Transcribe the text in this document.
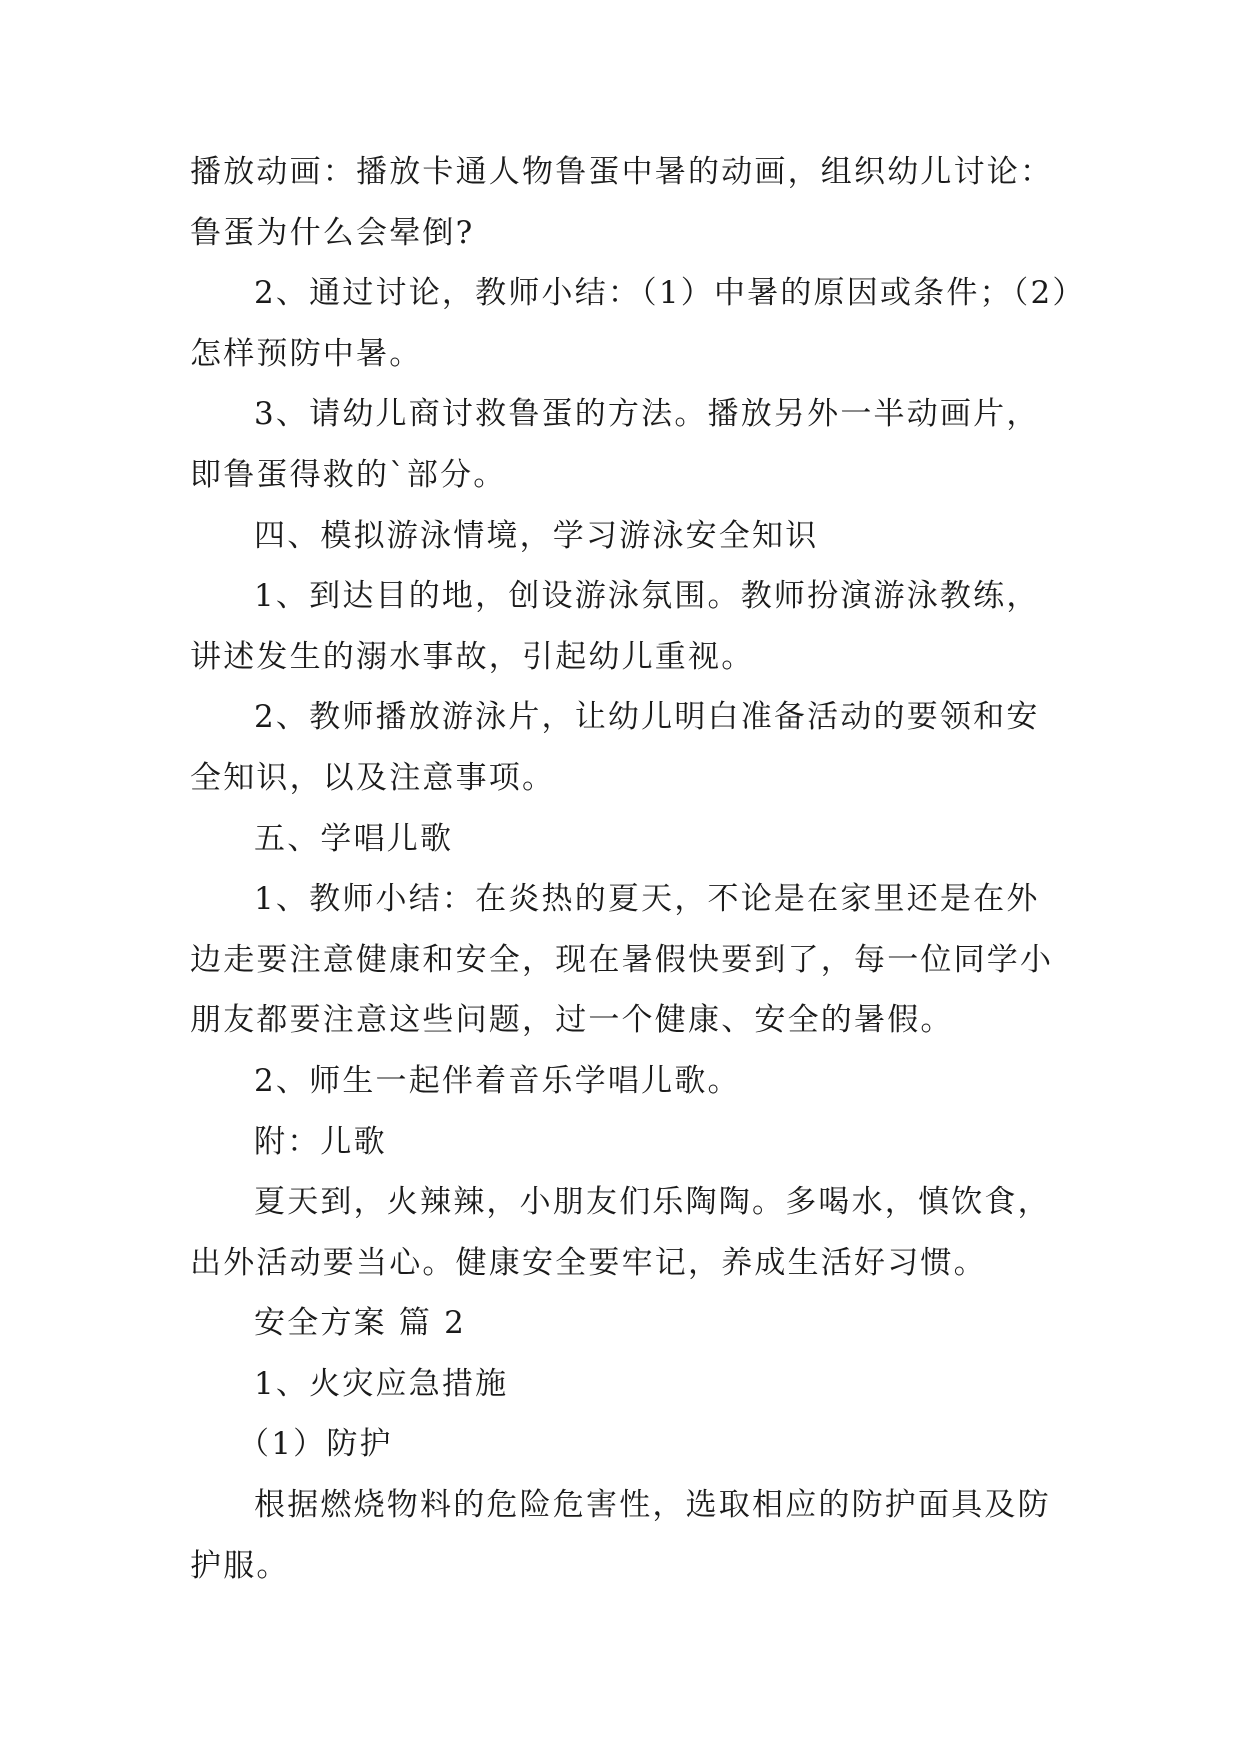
播放动画：播放卡通人物鲁蛋中暑的动画，组织幼儿讨论：
鲁蛋为什么会晕倒?
2、通过讨论，教师小结：（1）中暑的原因或条件；（2）
怎样预防中暑。
3、请幼儿商讨救鲁蛋的方法。播放另外一半动画片，
即鲁蛋得救的`部分。
四、模拟游泳情境，学习游泳安全知识
1、到达目的地，创设游泳氛围。教师扮演游泳教练，
讲述发生的溺水事故，引起幼儿重视。
2、教师播放游泳片，让幼儿明白准备活动的要领和安
全知识，以及注意事项。
五、学唱儿歌
1、教师小结：在炎热的夏天，不论是在家里还是在外
边走要注意健康和安全，现在暑假快要到了，每一位同学小
朋友都要注意这些问题，过一个健康、安全的暑假。
2、师生一起伴着音乐学唱儿歌。
附：儿歌
夏天到，火辣辣，小朋友们乐陶陶。多喝水，慎饮食，
出外活动要当心。健康安全要牢记，养成生活好习惯。
安全方案 篇 2
1、火灾应急措施
（1）防护
根据燃烧物料的危险危害性，选取相应的防护面具及防
护服。
